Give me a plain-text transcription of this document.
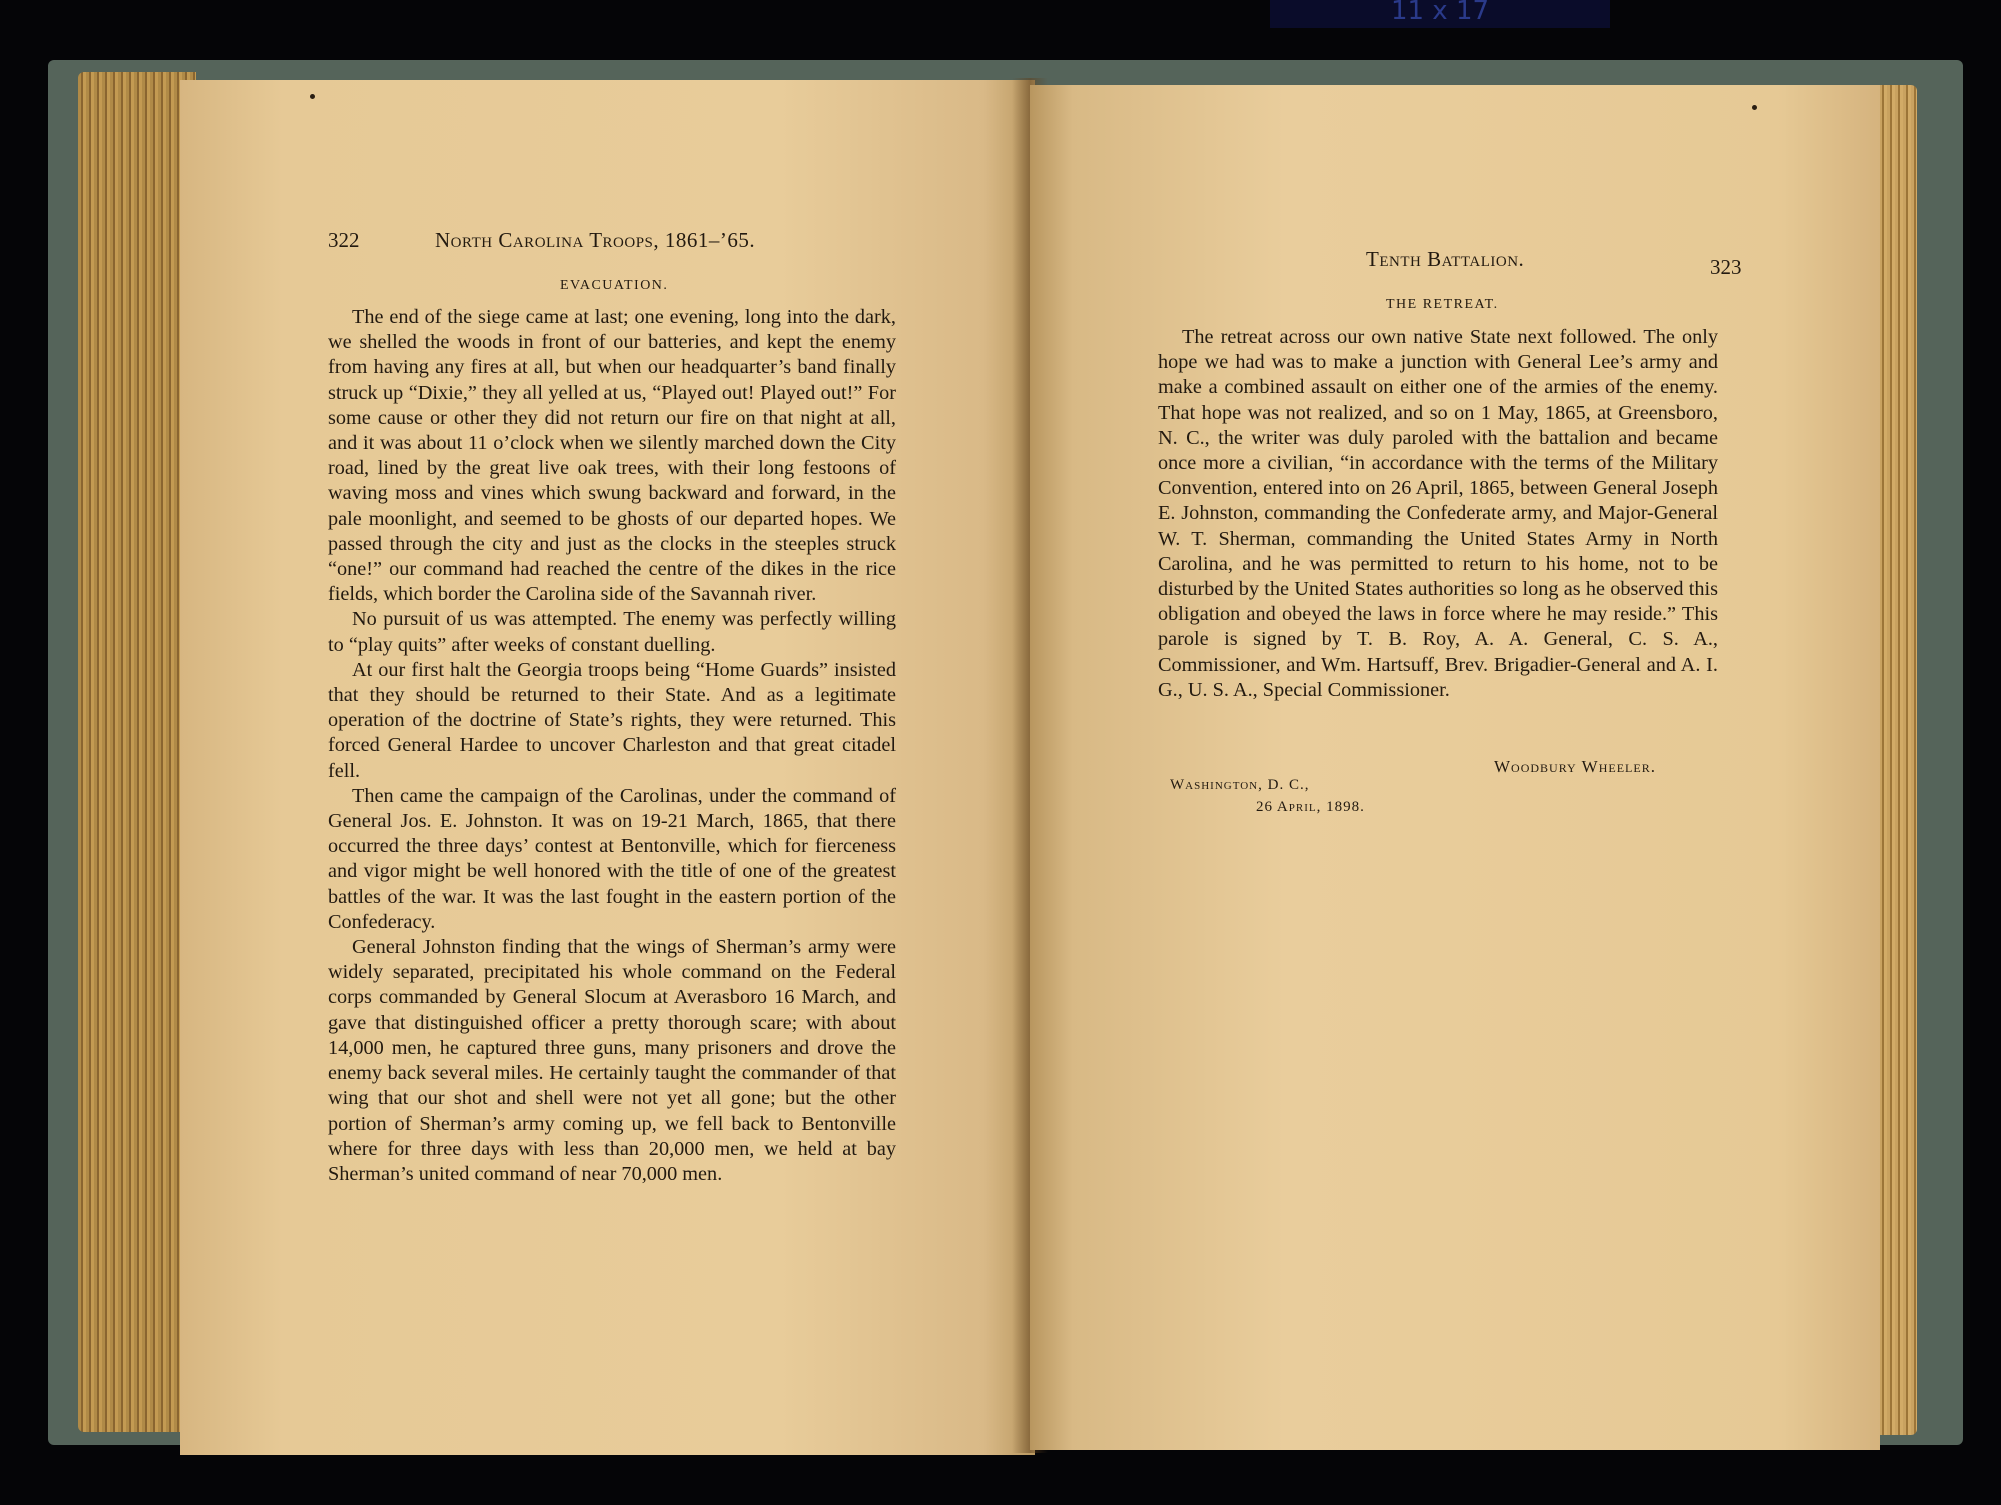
11 x 17
322	North Carolina Troops, 1861–’65.
EVACUATION.

The end of the siege came at last; one evening, long into the dark, we shelled the woods in front of our batteries, and kept the enemy from having any fires at all, but when our headquarter’s band finally struck up “Dixie,” they all yelled at us, “Played out! Played out!” For some cause or other they did not return our fire on that night at all, and it was about 11 o’clock when we silently marched down the City road, lined by the great live oak trees, with their long festoons of waving moss and vines which swung backward and forward, in the pale moonlight, and seemed to be ghosts of our departed hopes. We passed through the city and just as the clocks in the steeples struck “one!” our command had reached the centre of the dikes in the rice fields, which border the Carolina side of the Savannah river.

No pursuit of us was attempted. The enemy was perfectly willing to “play quits” after weeks of constant duelling.

At our first halt the Georgia troops being “Home Guards” insisted that they should be returned to their State. And as a legitimate operation of the doctrine of State’s rights, they were returned. This forced General Hardee to uncover Charleston and that great citadel fell.

Then came the campaign of the Carolinas, under the command of General Jos. E. Johnston. It was on 19-21 March, 1865, that there occurred the three days’ contest at Bentonville, which for fierceness and vigor might be well honored with the title of one of the greatest battles of the war. It was the last fought in the eastern portion of the Confederacy.

General Johnston finding that the wings of Sherman’s army were widely separated, precipitated his whole command on the Federal corps commanded by General Slocum at Averasboro 16 March, and gave that distinguished officer a pretty thorough scare; with about 14,000 men, he captured three guns, many prisoners and drove the enemy back several miles. He certainly taught the commander of that wing that our shot and shell were not yet all gone; but the other portion of Sherman’s army coming up, we fell back to Bentonville where for three days with less than 20,000 men, we held at bay Sherman’s united command of near 70,000 men.

Tenth Battalion.	323
THE RETREAT.

The retreat across our own native State next followed. The only hope we had was to make a junction with General Lee’s army and make a combined assault on either one of the armies of the enemy. That hope was not realized, and so on 1 May, 1865, at Greensboro, N. C., the writer was duly paroled with the battalion and became once more a civilian, “in accordance with the terms of the Military Convention, entered into on 26 April, 1865, between General Joseph E. Johnston, commanding the Confederate army, and Major-General W. T. Sherman, commanding the United States Army in North Carolina, and he was permitted to return to his home, not to be disturbed by the United States authorities so long as he observed this obligation and obeyed the laws in force where he may reside.” This parole is signed by T. B. Roy, A. A. General, C. S. A., Commissioner, and Wm. Hartsuff, Brev. Brigadier-General and A. I. G., U. S. A., Special Commissioner.

Woodbury Wheeler.
Washington, D. C.,
26 April, 1898.
